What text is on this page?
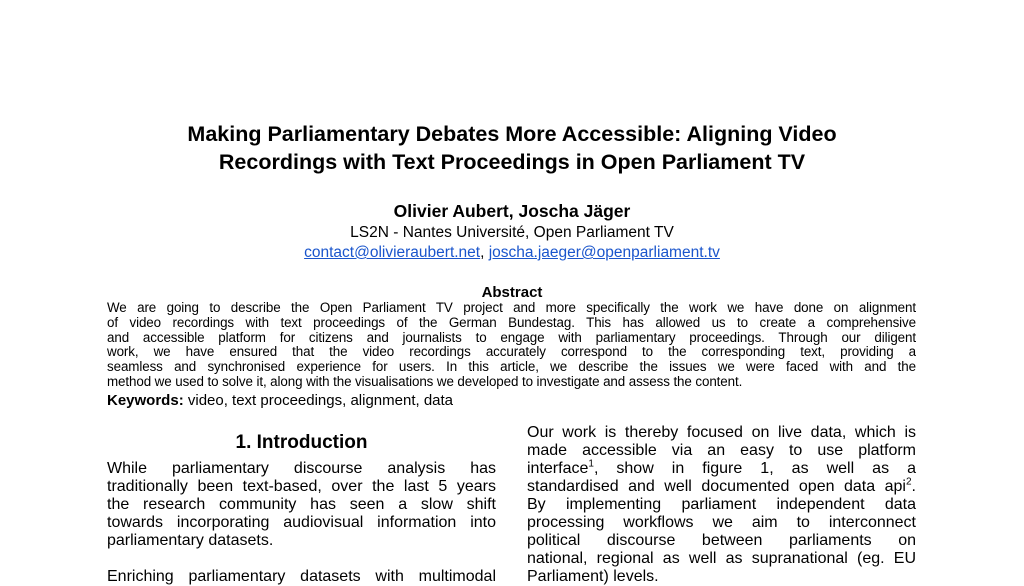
Making Parliamentary Debates More Accessible: Aligning Video
Recordings with Text Proceedings in Open Parliament TV
Olivier Aubert, Joscha Jäger
LS2N - Nantes Université, Open Parliament TV
contact@olivieraubert.net, joscha.jaeger@openparliament.tv
Abstract
We are going to describe the Open Parliament TV project and more specifically the work we have done on alignment
of video recordings with text proceedings of the German Bundestag. This has allowed us to create a comprehensive
and accessible platform for citizens and journalists to engage with parliamentary proceedings. Through our diligent
work, we have ensured that the video recordings accurately correspond to the corresponding text, providing a
seamless and synchronised experience for users. In this article, we describe the issues we were faced with and the
method we used to solve it, along with the visualisations we developed to investigate and assess the content.
Keywords: video, text proceedings, alignment, data
1. Introduction
While parliamentary discourse analysis has
traditionally been text-based, over the last 5 years
the research community has seen a slow shift
towards incorporating audiovisual information into
parliamentary datasets.
Enriching parliamentary datasets with multimodal
Our work is thereby focused on live data, which is
made accessible via an easy to use platform
interface$^1$, show in figure 1, as well as a
standardised and well documented open data api$^2$.
By implementing parliament independent data
processing workflows we aim to interconnect
political discourse between parliaments on
national, regional as well as supranational (eg. EU
Parliament) levels.
